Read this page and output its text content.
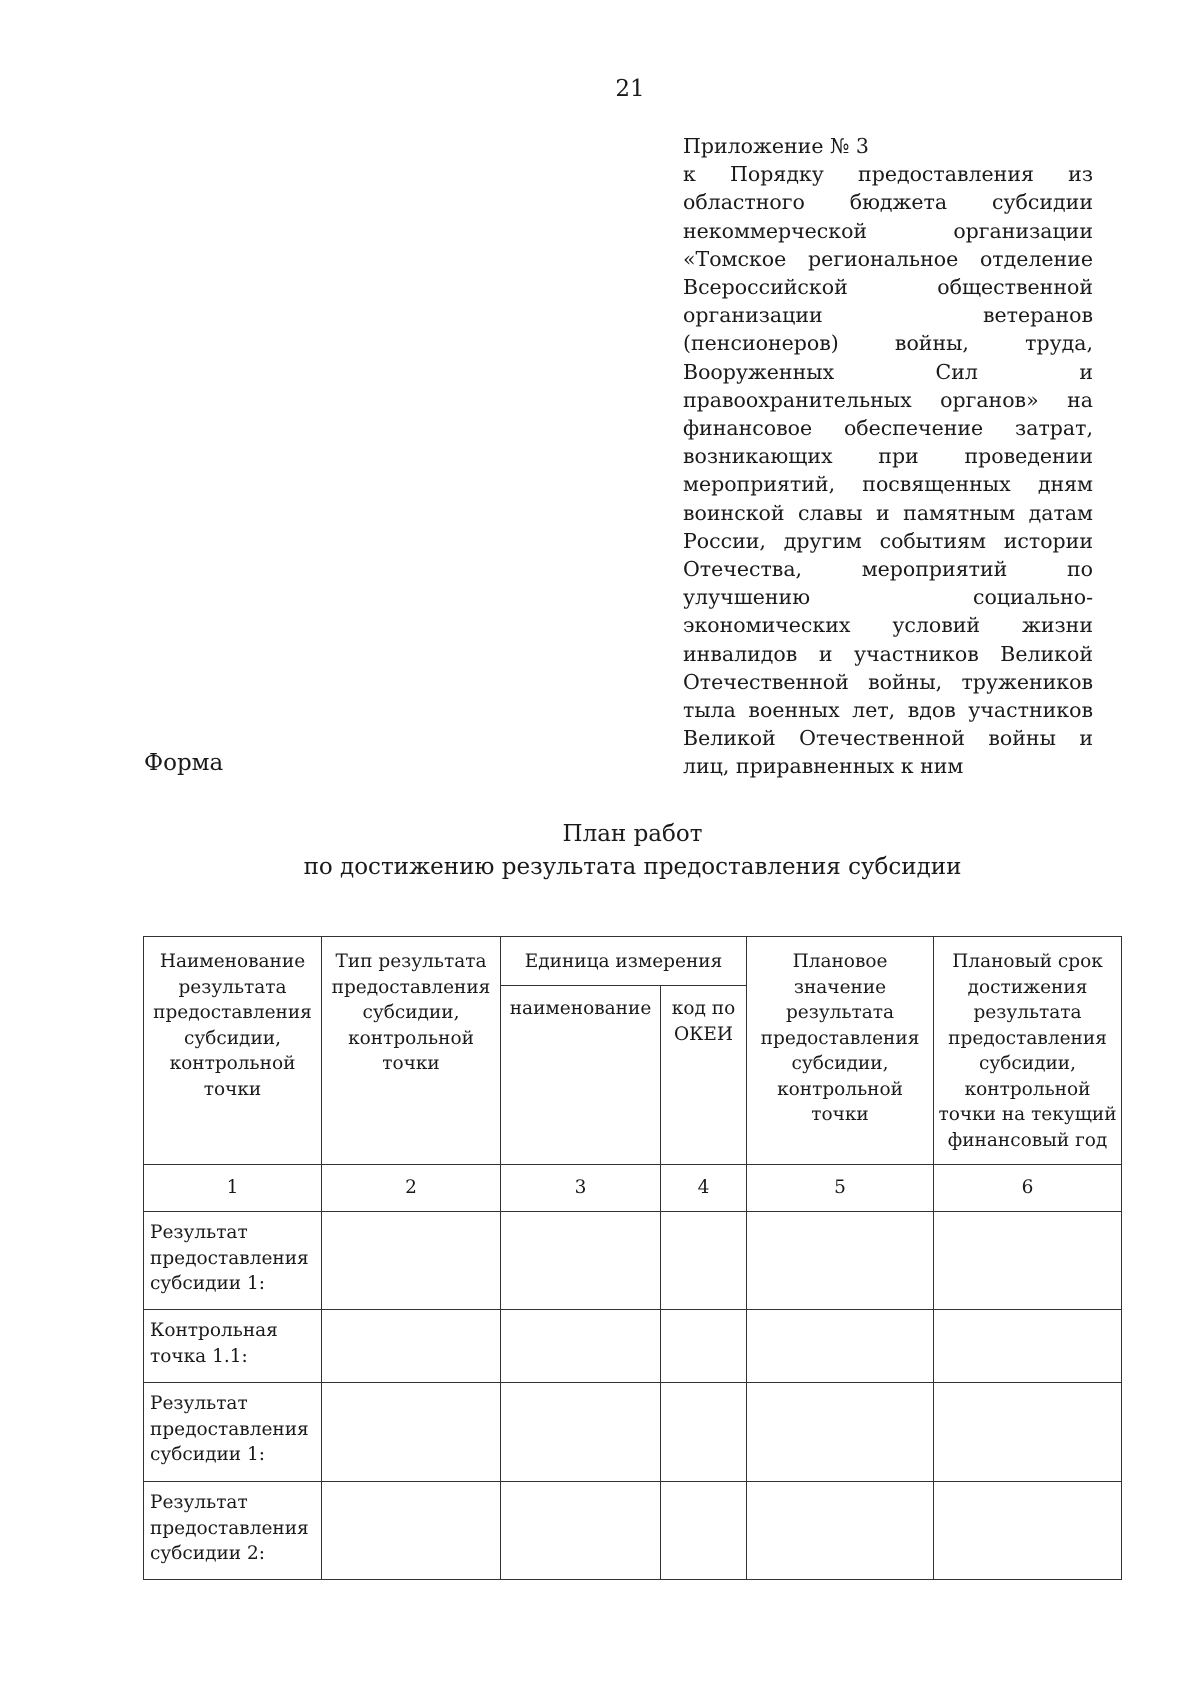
21
Приложение № 3
к Порядку предоставления из областного бюджета субсидии некоммерческой организации «Томское региональное отделение Всероссийской общественной организации ветеранов (пенсионеров) войны, труда, Вооруженных Сил и правоохранительных органов» на финансовое обеспечение затрат, возникающих при проведении мероприятий, посвященных дням воинской славы и памятным датам России, другим событиям истории Отечества, мероприятий по улучшению социально-экономических условий жизни инвалидов и участников Великой Отечественной войны, тружеников тыла военных лет, вдов участников Великой Отечественной войны и лиц, приравненных к ним
Форма
План работ
по достижению результата предоставления субсидии
Наименование результата предоставления субсидии, контрольной точки	Тип результата предоставления субсидии, контрольной точки	Единица измерения		Плановое значение результата предоставления субсидии, контрольной точки	Плановый срок достижения результата предоставления субсидии, контрольной точки на текущий финансовый год
		наименование	код по ОКЕИ		
1	2	3	4	5	6
Результат предоставления субсидии 1:					
Контрольная точка 1.1:					
Результат предоставления субсидии 1:					
Результат предоставления субсидии 2:					
